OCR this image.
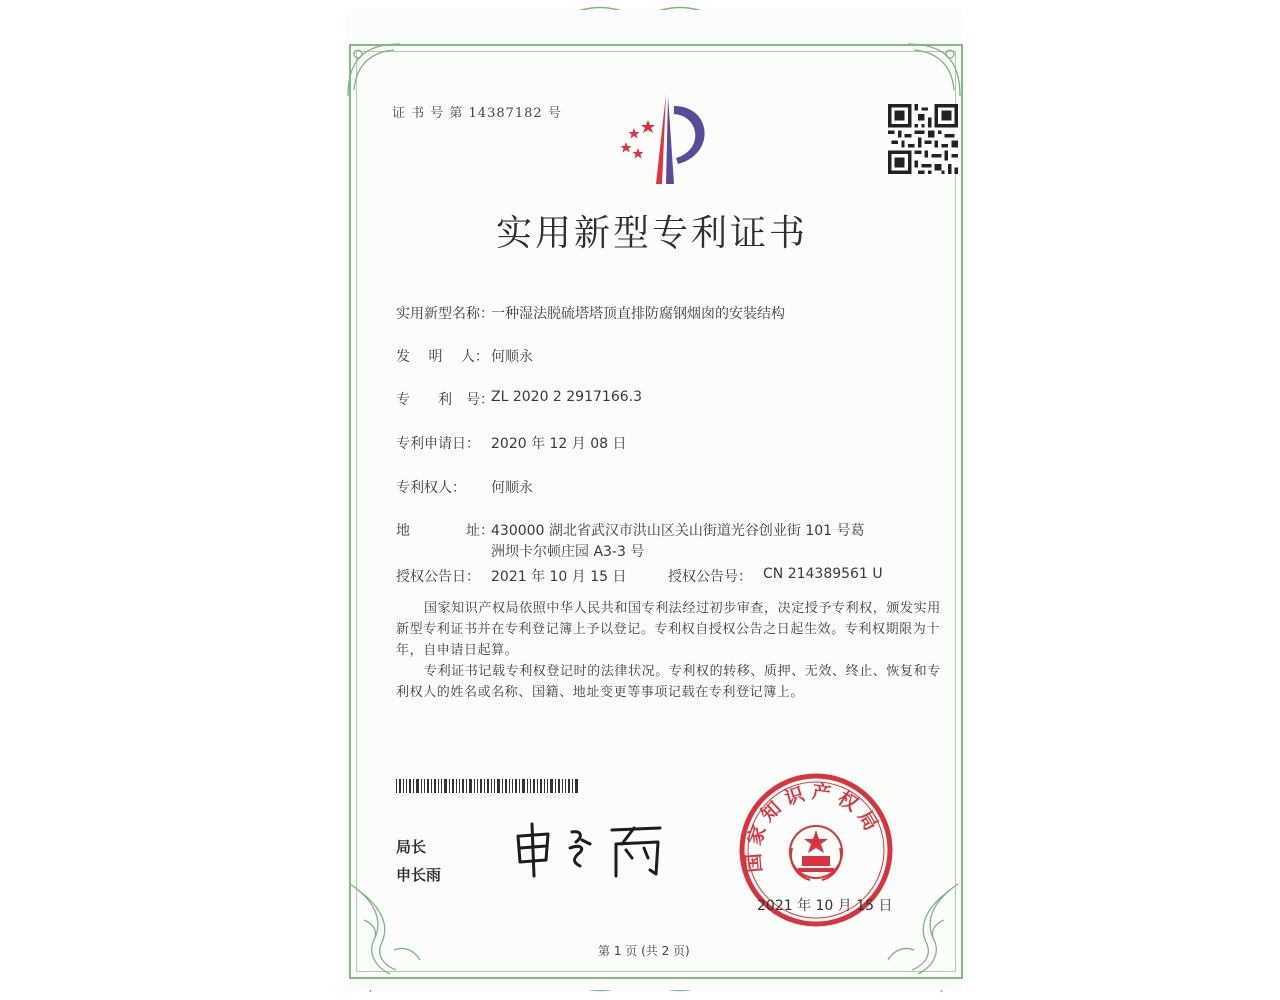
证 书 号 第 14387182 号
实用新型专利证书
实用新型名称：
一种湿法脱硫塔塔顶直排防腐钢烟囱的安装结构
发　 明　 人： 何顺永
专　　利　号：
ZL 2020 2 2917166.3
专利申请日： 2020 年 12 月 08 日
专利权人： 何顺永
地　　　　址：
430000 湖北省武汉市洪山区关山街道光谷创业街 101 号葛
洲坝卡尔顿庄园 A3-3 号
授权公告日： 2021 年 10 月 15 日	授权公告号： CN 214389561 U
国家知识产权局依照中华人民共和国专利法经过初步审查，决定授予专利权，颁发实用新型专利证书并在专利登记簿上予以登记。专利权自授权公告之日起生效。专利权期限为十年，自申请日起算。
专利证书记载专利权登记时的法律状况。专利权的转移、质押、无效、终止、恢复和专利权人的姓名或名称、国籍、地址变更等事项记载在专利登记簿上。
局长
申长雨
国家知识产权局
2021 年 10 月 15 日
第 1 页 (共 2 页)
